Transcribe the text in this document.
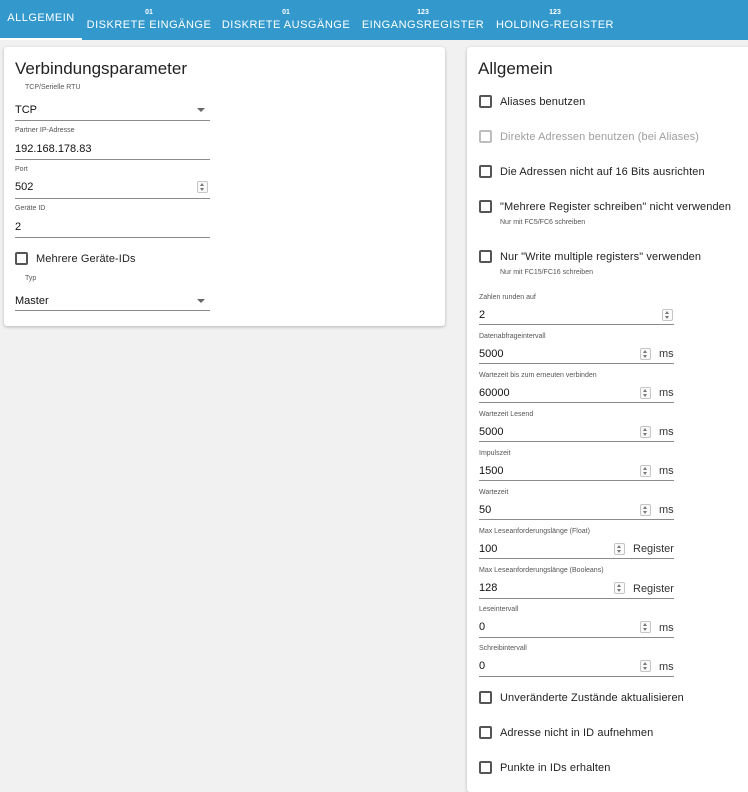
ALLGEMEIN	01
DISKRETE EINGÄNGE
01
DISKRETE AUSGÄNGE
123
EINGANGSREGISTER
123
HOLDING-REGISTER
Verbindungsparameter
TCP/Serielle RTU
TCP
Partner IP-Adresse
192.168.178.83
Port
502
Geräte ID
2
Mehrere Geräte-IDs
Typ
Master
Allgemein
Aliases benutzen
Direkte Adressen benutzen (bei Aliases)
Die Adressen nicht auf 16 Bits ausrichten
"Mehrere Register schreiben" nicht verwenden
Nur mit FC5/FC6 schreiben
Nur "Write multiple registers" verwenden
Nur mit FC15/FC16 schreiben
Zahlen runden auf
2
Datenabfrageintervall
5000	ms
Wartezeit bis zum erneuten verbinden
60000	ms
Wartezeit Lesend
5000	ms
Impulszeit
1500	ms
Wartezeit
50	ms
Max Leseanforderungslänge (Float)
100	Register
Max Leseanforderungslänge (Booleans)
128	Register
Leseintervall
0	ms
Schreibintervall
0	ms
Unveränderte Zustände aktualisieren
Adresse nicht in ID aufnehmen
Punkte in IDs erhalten
